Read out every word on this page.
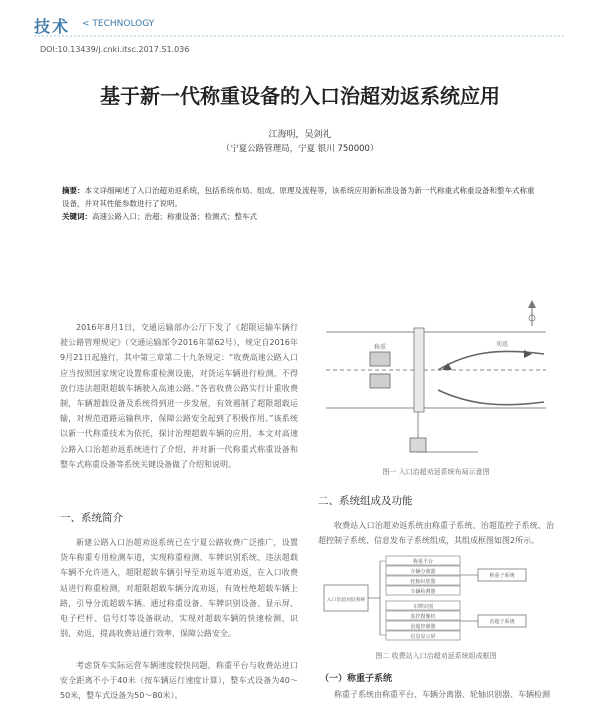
技术 < TECHNOLOGY
DOI:10.13439/j.cnki.itsc.2017.S1.036
基于新一代称重设备的入口治超劝返系统应用
江海明，吴剑礼
（宁夏公路管理局，宁夏 银川 750000）
摘要：本文详细阐述了入口治超劝返系统，包括系统布局、组成、原理及流程等，该系统应用新标准设备为新一代称重式称重设备和整车式称重设备，并对其性能参数进行了说明。
关键词：高速公路入口；治超；称重设备；检测式；整车式

2016年8月1日，交通运输部办公厅下发了《超限运输车辆行驶公路管理规定》（交通运输部令2016年第62号），规定自2016年9月21日起施行，其中第三章第二十九条规定：“收费高速公路入口应当按照国家规定设置称重检测设施，对货运车辆进行检测，不得放行违法超限超载车辆驶入高速公路。”各省收费公路实行计重收费制，车辆超载设备及系统得到进一步发展，有效遏制了超限超载运输，对规范道路运输秩序，保障公路安全起到了积极作用。”该系统以新一代称重技术为依托，探讨治理超载车辆的应用，本文对高速公路入口治超劝返系统进行了介绍，并对新一代称重式称重设备和整车式称重设备等系统关键设备做了介绍和说明。

一、系统简介

新建公路入口治超劝返系统已在宁夏公路收费广泛推广，设置货车称重专用检测车道，实现称重检测、车牌识别系统、违法超载车辆不允许进入，超限超载车辆引导至劝返车道劝返，在入口收费站进行称重检测，对超限超载车辆分流劝返，有效杜绝超载车辆上路，引导分流超载车辆。通过称重设备、车牌识别设备、显示屏、电子栏杆、信号灯等设备联动，实现对超载车辆的快速检测、识别、劝返，提高收费站通行效率，保障公路安全。

考虑货车实际运营车辆速度较快问题，称重平台与收费站进口安全距离不小于40米（按车辆运行速度计算），整车式设备为40～50米，整车式设备为50～80米）。

称重	劝返
图一 入口治超劝返系统布局示意图
二、系统组成及功能

收费站入口治超劝返系统由称重子系统、治超监控子系统、治超控制子系统、信息发布子系统组成，其组成框图如图2所示。

入口治超劝返系统
称重平台
车辆分离器
轮轴识别器
车辆检测器
车牌识别
监控摄像机
治超控制器
信息显示屏
称重子系统
治超子系统
图二 收费站入口治超劝返系统组成框图
（一）称重子系统

称重子系统由称重平台、车辆分离器、轮轴识别器、车辆检测
